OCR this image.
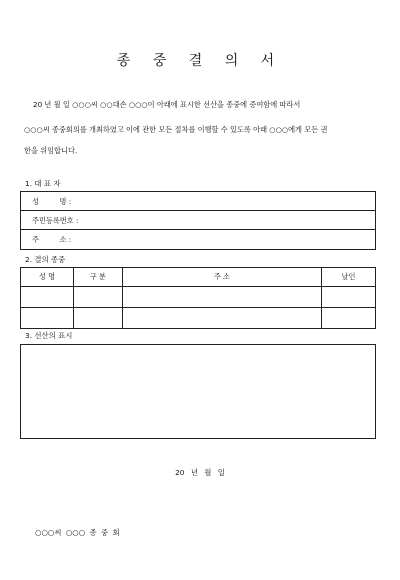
종 중 결 의 서
20 년 월 일 ○○○씨 ○○대손 ○○○이 아래에 표시한 선산을 종중에 증여함에 따라서
○○○씨 종중회의를 개최하였고 이에 관한 모든 절차를 이행할 수 있도록 아래 ○○○에게 모든 권
한을 위임합니다.
1. 대 표 자
성         명 :
주민등록번호 :
주         소 :
2. 결의 종중
성 명	구 분	주 소	날인

3. 선산의 표시
20 년 월 일
○○○씨 ○○○ 종 중 회
